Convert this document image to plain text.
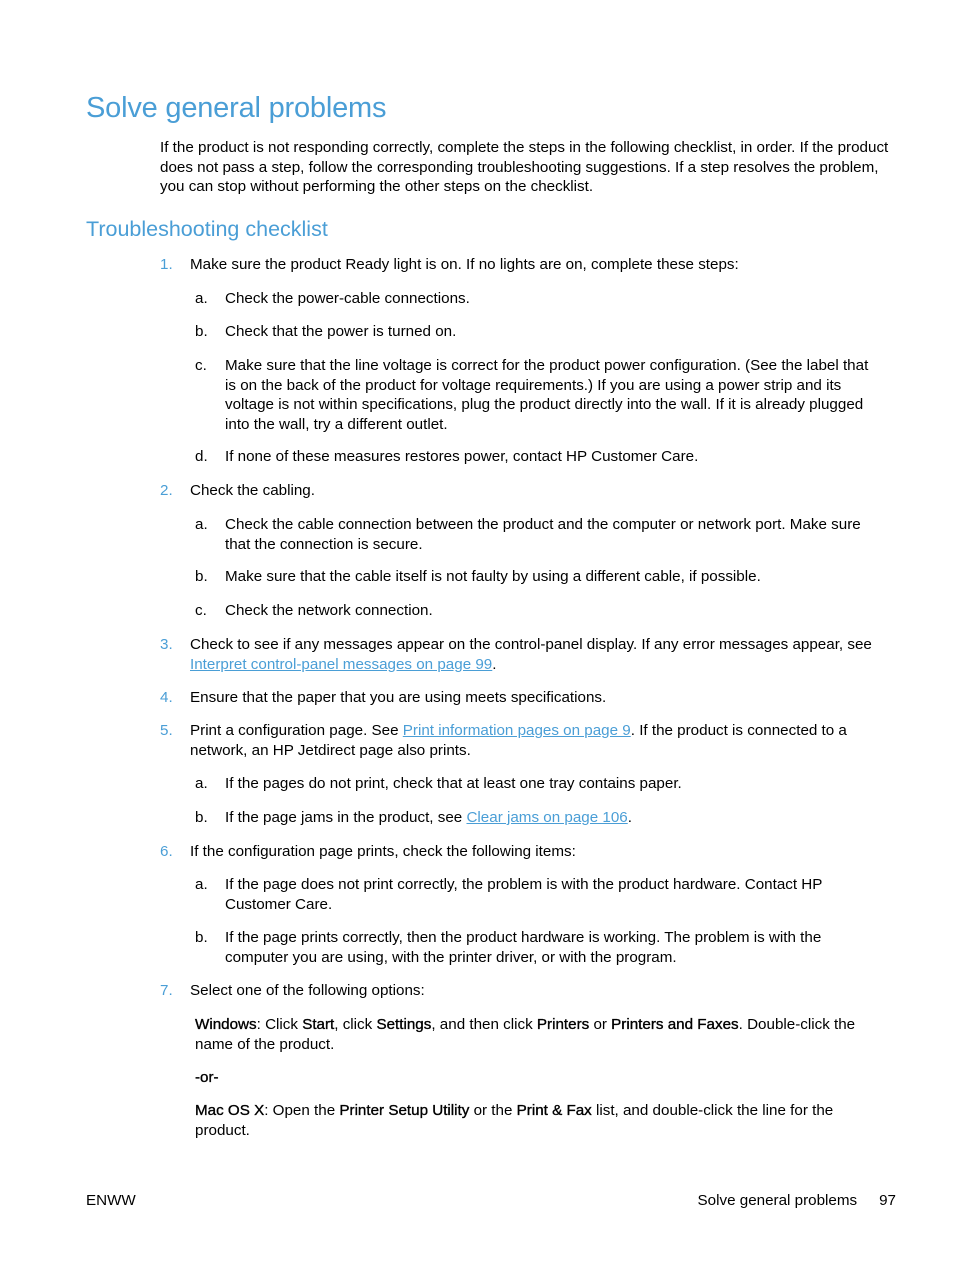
Solve general problems
If the product is not responding correctly, complete the steps in the following checklist, in order. If the product does not pass a step, follow the corresponding troubleshooting suggestions. If a step resolves the problem, you can stop without performing the other steps on the checklist.
Troubleshooting checklist
1.	Make sure the product Ready light is on. If no lights are on, complete these steps:
a.	Check the power-cable connections.
b.	Check that the power is turned on.
c.	Make sure that the line voltage is correct for the product power configuration. (See the label that is on the back of the product for voltage requirements.) If you are using a power strip and its voltage is not within specifications, plug the product directly into the wall. If it is already plugged into the wall, try a different outlet.
d.	If none of these measures restores power, contact HP Customer Care.
2.	Check the cabling.
a.	Check the cable connection between the product and the computer or network port. Make sure that the connection is secure.
b.	Make sure that the cable itself is not faulty by using a different cable, if possible.
c.	Check the network connection.
3.	Check to see if any messages appear on the control-panel display. If any error messages appear, see Interpret control-panel messages on page 99.
4.	Ensure that the paper that you are using meets specifications.
5.	Print a configuration page. See Print information pages on page 9. If the product is connected to a network, an HP Jetdirect page also prints.
a.	If the pages do not print, check that at least one tray contains paper.
b.	If the page jams in the product, see Clear jams on page 106.
6.	If the configuration page prints, check the following items:
a.	If the page does not print correctly, the problem is with the product hardware. Contact HP Customer Care.
b.	If the page prints correctly, then the product hardware is working. The problem is with the computer you are using, with the printer driver, or with the program.
7.	Select one of the following options:
Windows: Click Start, click Settings, and then click Printers or Printers and Faxes. Double-click the name of the product.
-or-
Mac OS X: Open the Printer Setup Utility or the Print & Fax list, and double-click the line for the product.
ENWW	Solve general problems 97
